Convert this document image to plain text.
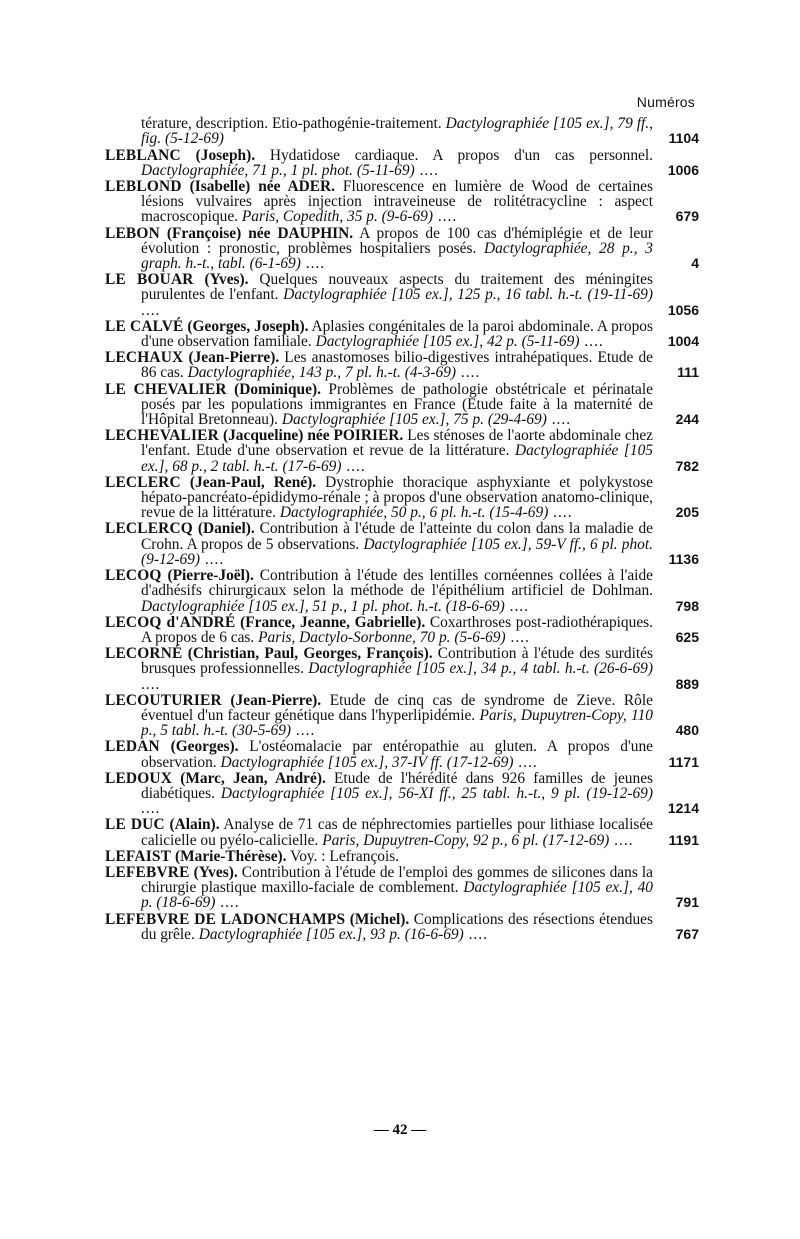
Numéros
térature, description. Etio-pathogénie-traitement. Dactylographiée [105 ex.], 79 ff., fig. (5-12-69)	1104
LEBLANC (Joseph). Hydatidose cardiaque. A propos d'un cas personnel. Dactylographiée, 71 p., 1 pl. phot. (5-11-69) ....	1006
LEBLOND (Isabelle) née ADER. Fluorescence en lumière de Wood de certaines lésions vulvaires après injection intraveineuse de rolitétracycline : aspect macroscopique. Paris, Copedith, 35 p. (9-6-69) ....	679
LEBON (Françoise) née DAUPHIN. A propos de 100 cas d'hémiplégie et de leur évolution : pronostic, problèmes hospitaliers posés. Dactylographiée, 28 p., 3 graph. h.-t., tabl. (6-1-69) ....	4
LE BOUAR (Yves). Quelques nouveaux aspects du traitement des méningites purulentes de l'enfant. Dactylographiée [105 ex.], 125 p., 16 tabl. h.-t. (19-11-69) ....	1056
LE CALVÉ (Georges, Joseph). Aplasies congénitales de la paroi abdominale. A propos d'une observation familiale. Dactylographiée [105 ex.], 42 p. (5-11-69) ....	1004
LECHAUX (Jean-Pierre). Les anastomoses bilio-digestives intrahépatiques. Etude de 86 cas. Dactylographiée, 143 p., 7 pl. h.-t. (4-3-69) ....	111
LE CHEVALIER (Dominique). Problèmes de pathologie obstétricale et périnatale posés par les populations immigrantes en France (Etude faite à la maternité de l'Hôpital Bretonneau). Dactylographiée [105 ex.], 75 p. (29-4-69) ....	244
LECHEVALIER (Jacqueline) née POIRIER. Les sténoses de l'aorte abdominale chez l'enfant. Etude d'une observation et revue de la littérature. Dactylographiée [105 ex.], 68 p., 2 tabl. h.-t. (17-6-69) ....	782
LECLERC (Jean-Paul, René). Dystrophie thoracique asphyxiante et polykystose hépato-pancréato-épididymo-rénale ; à propos d'une observation anatomo-clinique, revue de la littérature. Dactylographiée, 50 p., 6 pl. h.-t. (15-4-69) ....	205
LECLERCQ (Daniel). Contribution à l'étude de l'atteinte du colon dans la maladie de Crohn. A propos de 5 observations. Dactylographiée [105 ex.], 59-V ff., 6 pl. phot. (9-12-69) ....	1136
LECOQ (Pierre-Joël). Contribution à l'étude des lentilles cornéennes collées à l'aide d'adhésifs chirurgicaux selon la méthode de l'épithélium artificiel de Dohlman. Dactylographiée [105 ex.], 51 p., 1 pl. phot. h.-t. (18-6-69) ....	798
LECOQ d'ANDRÉ (France, Jeanne, Gabrielle). Coxarthroses post-radiothérapiques. A propos de 6 cas. Paris, Dactylo-Sorbonne, 70 p. (5-6-69) ....	625
LECORNÉ (Christian, Paul, Georges, François). Contribution à l'étude des surdités brusques professionnelles. Dactylographiée [105 ex.], 34 p., 4 tabl. h.-t. (26-6-69) ....	889
LECOUTURIER (Jean-Pierre). Etude de cinq cas de syndrome de Zieve. Rôle éventuel d'un facteur génétique dans l'hyperlipidémie. Paris, Dupuytren-Copy, 110 p., 5 tabl. h.-t. (30-5-69) ....	480
LEDAN (Georges). L'ostéomalacie par entéropathie au gluten. A propos d'une observation. Dactylographiée [105 ex.], 37-IV ff. (17-12-69) ....	1171
LEDOUX (Marc, Jean, André). Etude de l'hérédité dans 926 familles de jeunes diabétiques. Dactylographiée [105 ex.], 56-XI ff., 25 tabl. h.-t., 9 pl. (19-12-69) ....	1214
LE DUC (Alain). Analyse de 71 cas de néphrectomies partielles pour lithiase localisée calicielle ou pyélo-calicielle. Paris, Dupuytren-Copy, 92 p., 6 pl. (17-12-69) ....	1191
LEFAIST (Marie-Thérèse). Voy. : Lefrançois.
LEFEBVRE (Yves). Contribution à l'étude de l'emploi des gommes de silicones dans la chirurgie plastique maxillo-faciale de comblement. Dactylographiée [105 ex.], 40 p. (18-6-69) ....	791
LEFEBVRE DE LADONCHAMPS (Michel). Complications des résections étendues du grêle. Dactylographiée [105 ex.], 93 p. (16-6-69) ....	767
— 42 —
